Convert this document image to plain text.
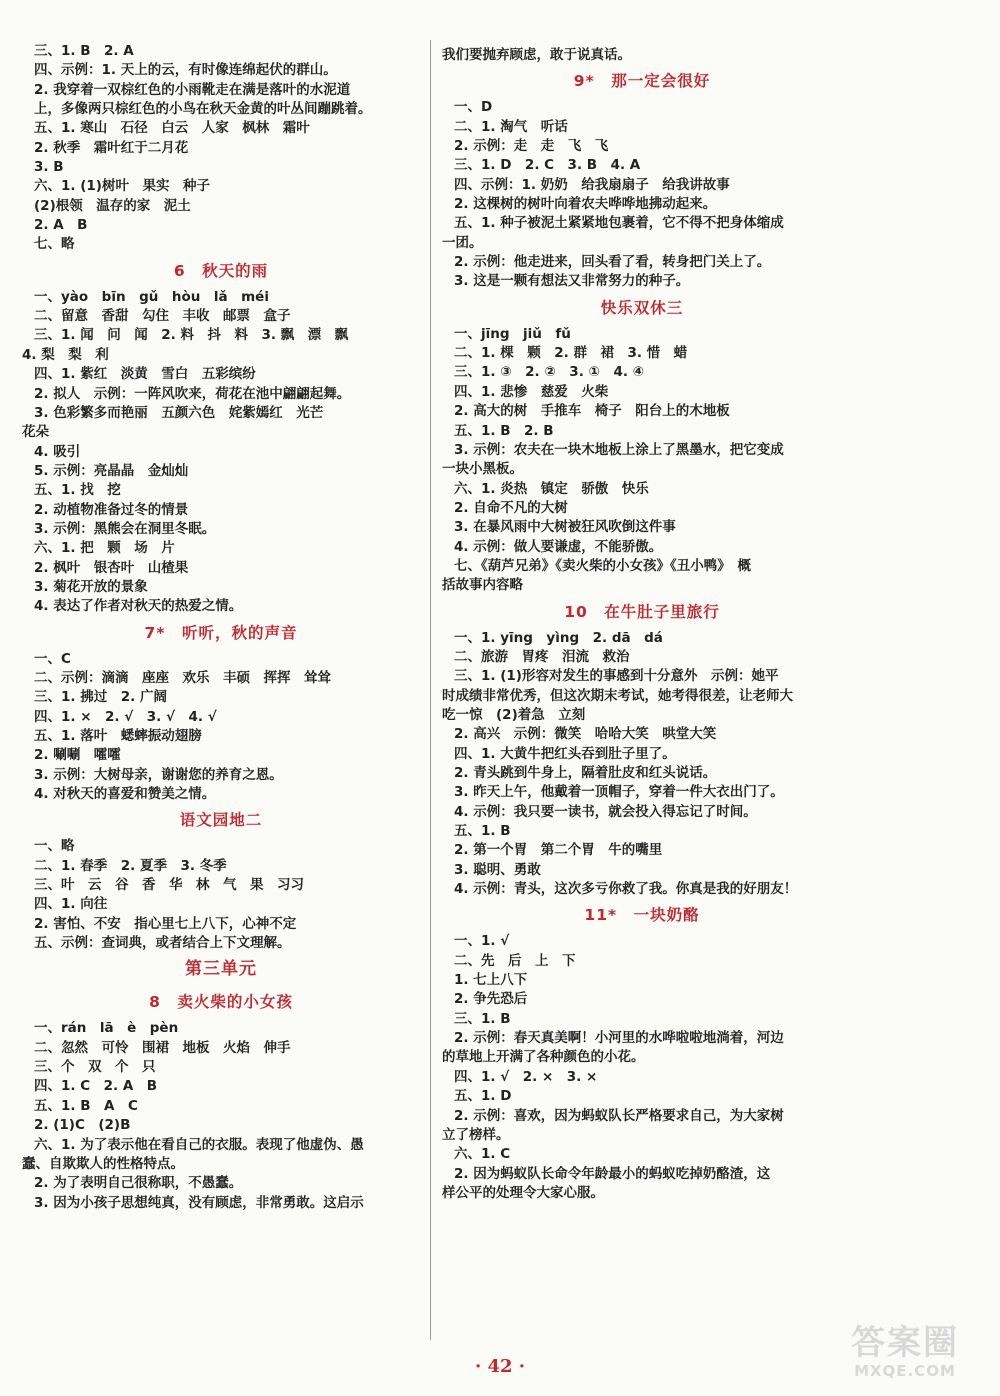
三、1. B　2. A
四、示例：1. 天上的云，有时像连绵起伏的群山。
2. 我穿着一双棕红色的小雨靴走在满是落叶的水泥道
上，多像两只棕红色的小鸟在秋天金黄的叶丛间蹦跳着。
五、1. 寒山　石径　白云　人家　枫林　霜叶
2. 秋季　霜叶红于二月花
3. B
六、1. (1)树叶　果实　种子
(2)根领　温存的家　泥土
2. A　B
七、略
6　秋天的雨
一、yào　bīn　gǔ　hòu　lǎ　méi
二、留意　香甜　勾住　丰收　邮票　盒子
三、1. 闻　问　闻　2. 料　抖　料　3. 飘　漂　飘
4. 梨　梨　利
四、1. 紫红　淡黄　雪白　五彩缤纷
2. 拟人　示例：一阵风吹来，荷花在池中翩翩起舞。
3. 色彩繁多而艳丽　五颜六色　姹紫嫣红　光芒
花朵
4. 吸引
5. 示例：亮晶晶　金灿灿
五、1. 找　挖
2. 动植物准备过冬的情景
3. 示例：黑熊会在洞里冬眠。
六、1. 把　颗　场　片
2. 枫叶　银杏叶　山楂果
3. 菊花开放的景象
4. 表达了作者对秋天的热爱之情。
7*　听听，秋的声音
一、C
二、示例：滴滴　座座　欢乐　丰硕　挥挥　耸耸
三、1. 拂过　2. 广阔
四、1. ×　2. √　3. √　4. √
五、1. 落叶　蟋蟀振动翅膀
2. 唰唰　嚯嚯
3. 示例：大树母亲，谢谢您的养育之恩。
4. 对秋天的喜爱和赞美之情。
语文园地二
一、略
二、1. 春季　2. 夏季　3. 冬季
三、叶　云　谷　香　华　林　气　果　习习
四、1. 向往
2. 害怕、不安　指心里七上八下，心神不定
五、示例：查词典，或者结合上下文理解。
第三单元
8　卖火柴的小女孩
一、rán　lā　è　pèn
二、忽然　可怜　围裙　地板　火焰　伸手
三、个　双　个　只
四、1. C　2. A　B
五、1. B　A　C
2. (1)C　(2)B
六、1. 为了表示他在看自己的衣服。表现了他虚伪、愚
蠢、自欺欺人的性格特点。
2. 为了表明自己很称职，不愚蠢。
3. 因为小孩子思想纯真，没有顾虑，非常勇敢。这启示
我们要抛弃顾虑，敢于说真话。
9*　那一定会很好
一、D
二、1. 淘气　听话
2. 示例：走　走　飞　飞
三、1. D　2. C　3. B　4. A
四、示例：1. 奶奶　给我扇扇子　给我讲故事
2. 这棵树的树叶向着农夫哗哗地拂动起来。
五、1. 种子被泥土紧紧地包裹着，它不得不把身体缩成
一团。
2. 示例：他走进来，回头看了看，转身把门关上了。
3. 这是一颗有想法又非常努力的种子。
快乐双休三
一、jīng　jiǔ　fǔ
二、1. 棵　颗　2. 群　裙　3. 惜　蜡
三、1. ③　2. ②　3. ①　4. ④
四、1. 悲惨　慈爱　火柴
2. 高大的树　手推车　椅子　阳台上的木地板
五、1. B　2. B
3. 示例：农夫在一块木地板上涂上了黑墨水，把它变成
一块小黑板。
六、1. 炎热　镇定　骄傲　快乐
2. 自命不凡的大树
3. 在暴风雨中大树被狂风吹倒这件事
4. 示例：做人要谦虚，不能骄傲。
七、《葫芦兄弟》《卖火柴的小女孩》《丑小鸭》　概
括故事内容略
10　在牛肚子里旅行
一、1. yīng　yìng　2. dā　dá
二、旅游　胃疼　泪流　救治
三、1. (1)形容对发生的事感到十分意外　示例：她平
时成绩非常优秀，但这次期末考试，她考得很差，让老师大
吃一惊　(2)着急　立刻
2. 高兴　示例：微笑　哈哈大笑　哄堂大笑
四、1. 大黄牛把红头吞到肚子里了。
2. 青头跳到牛身上，隔着肚皮和红头说话。
3. 昨天上午，他戴着一顶帽子，穿着一件大衣出门了。
4. 示例：我只要一读书，就会投入得忘记了时间。
五、1. B
2. 第一个胃　第二个胃　牛的嘴里
3. 聪明、勇敢
4. 示例：青头，这次多亏你救了我。你真是我的好朋友！
11*　一块奶酪
一、1. √
二、先　后　上　下
1. 七上八下
2. 争先恐后
三、1. B
2. 示例：春天真美啊！小河里的水哗啦啦地淌着，河边
的草地上开满了各种颜色的小花。
四、1. √　2. ×　3. ×
五、1. D
2. 示例：喜欢，因为蚂蚁队长严格要求自己，为大家树
立了榜样。
六、1. C
2. 因为蚂蚁队长命令年龄最小的蚂蚁吃掉奶酪渣，这
样公平的处理令大家心服。
· 42 ·
答案圈
MXQE.COM
